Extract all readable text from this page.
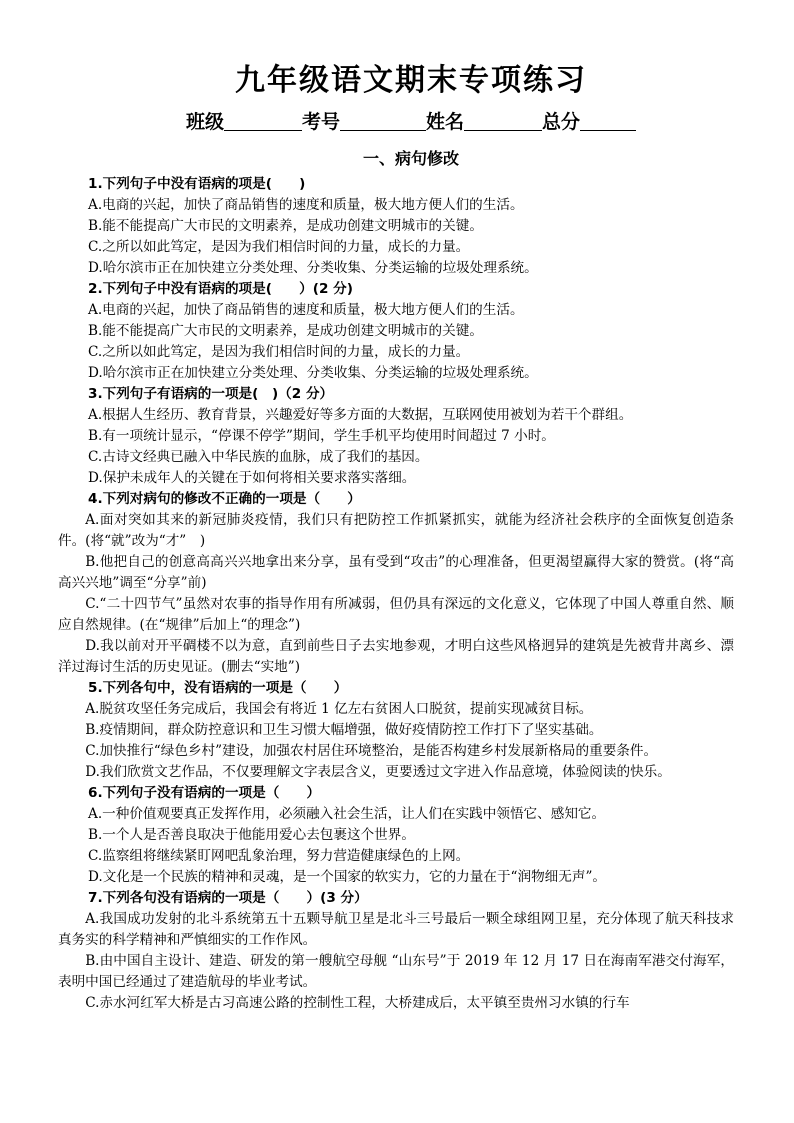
九年级语文期末专项练习
班级	考号	姓名	总分
一、病句修改
1.下列句子中没有语病的项是(　　)
A.电商的兴起，加快了商品销售的速度和质量，极大地方便人们的生活。
B.能不能提高广大市民的文明素养，是成功创建文明城市的关键。
C.之所以如此笃定，是因为我们相信时间的力量，成长的力量。
D.哈尔滨市正在加快建立分类处理、分类收集、分类运输的垃圾处理系统。
2.下列句子中没有语病的项是(　　）(2 分)
A.电商的兴起，加快了商品销售的速度和质量，极大地方便人们的生活。
B.能不能提高广大市民的文明素养，是成功创建文明城市的关键。
C.之所以如此笃定，是因为我们相信时间的力量，成长的力量。
D.哈尔滨市正在加快建立分类处理、分类收集、分类运输的垃圾处理系统。
3.下列句子有语病的一项是(　)（2 分）
A.根据人生经历、教育背景，兴趣爱好等多方面的大数据，互联网使用被划为若干个群组。
B.有一项统计显示，“停课不停学”期间，学生手机平均使用时间超过 7 小时。
C.古诗文经典已融入中华民族的血脉，成了我们的基因。
D.保护未成年人的关键在于如何将相关要求落实落细。
4.下列对病句的修改不正确的一项是（　　）
A.面对突如其来的新冠肺炎疫情，我们只有把防控工作抓紧抓实，就能为经济社会秩序的全面恢复创造条件。(将“就”改为“才”　)
B.他把自己的创意高高兴兴地拿出来分享，虽有受到“攻击”的心理准备，但更渴望赢得大家的赞赏。(将“高高兴兴地”调至“分享”前)
C.“二十四节气”虽然对农事的指导作用有所减弱，但仍具有深远的文化意义，它体现了中国人尊重自然、顺应自然规律。(在“规律”后加上“的理念”)
D.我以前对开平碉楼不以为意，直到前些日子去实地参观，才明白这些风格迥异的建筑是先被背井离乡、漂洋过海讨生活的历史见证。(删去“实地”)
5.下列各句中，没有语病的一项是（　　）
A.脱贫攻坚任务完成后，我国会有将近 1 亿左右贫困人口脱贫，提前实现减贫目标。
B.疫情期间，群众防控意识和卫生习惯大幅增强，做好疫情防控工作打下了坚实基础。
C.加快推行“绿色乡村”建设，加强农村居住环境整治，是能否构建乡村发展新格局的重要条件。
D.我们欣赏文艺作品，不仅要理解文字表层含义，更要透过文字进入作品意境，体验阅读的快乐。
6.下列句子没有语病的一项是（　　）
A.一种价值观要真正发挥作用，必须融入社会生活，让人们在实践中领悟它、感知它。
B.一个人是否善良取决于他能用爱心去包裹这个世界。
C.监察组将继续紧盯网吧乱象治理，努力营造健康绿色的上网。
D.文化是一个民族的精神和灵魂，是一个国家的软实力，它的力量在于“润物细无声”。
7.下列各句没有语病的一项是（　　）(3 分）
A.我国成功发射的北斗系统第五十五颗导航卫星是北斗三号最后一颗全球组网卫星，充分体现了航天科技求真务实的科学精神和严慎细实的工作作风。
B.由中国自主设计、建造、研发的第一艘航空母舰 “山东号”于 2019 年 12 月 17 日在海南军港交付海军，表明中国已经通过了建造航母的毕业考试。
C.赤水河红军大桥是古习高速公路的控制性工程，大桥建成后，太平镇至贵州习水镇的行车
